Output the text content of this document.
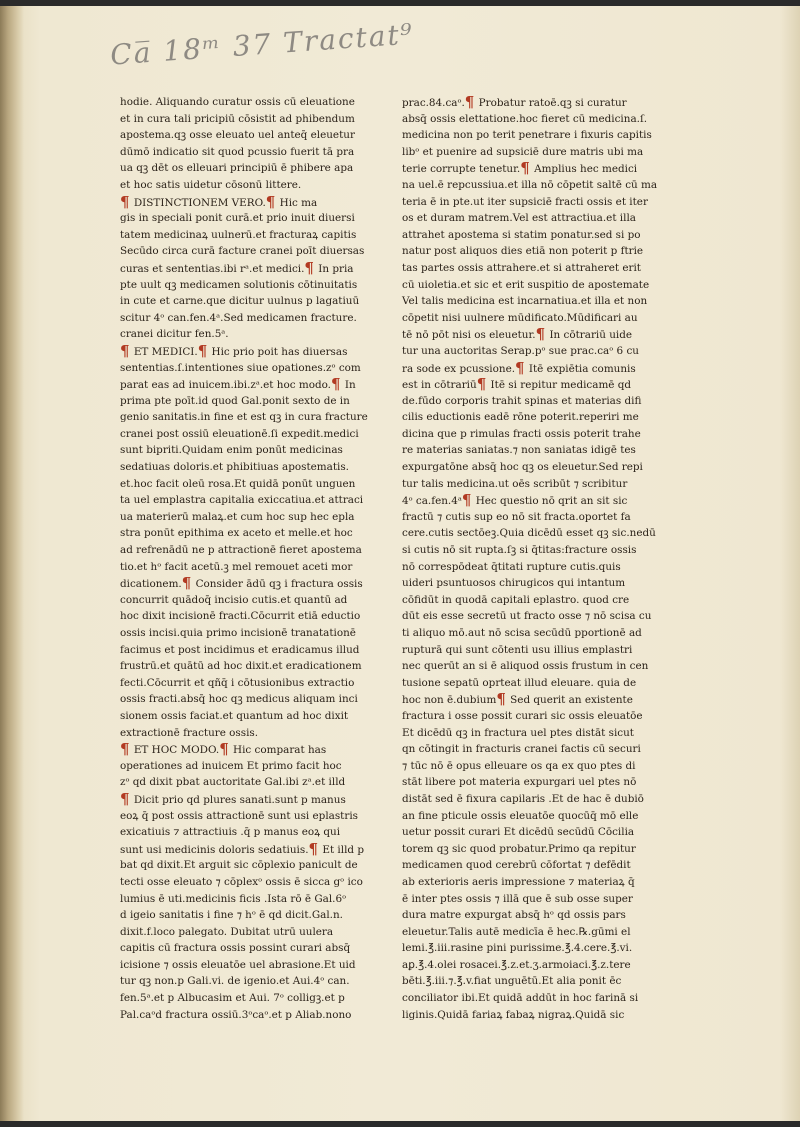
Ca̅ 18ᵐ 37 Tractat⁹
hodie. Aliquando curatur ossis cū eleuatione
et in cura tali pricipiū cōsistit ad phibendum
apostema.qꝫ osse eleuato uel anteq̄ eleuetur
dūmō indicatio sit quod pcussio fuerit tā pra
ua qꝫ dēt os elleuari principiū ē phibere apa
et hoc satis uidetur cōsonū littere.
¶ DISTINCTIONEM VERO.¶ Hic ma
gis in speciali ponit curā.et prio inuit diuersi
tatem medicinaꝝ uulnerū.et fracturaꝝ capitis
Secūdo circa curā facture cranei poīt diuersas
curas et sententias.ibi rᵃ.et medici.¶ In pria
pte uult qꝫ medicamen solutionis cōtinuitatis
in cute et carne.que dicitur uulnus p lagatiuū
scitur 4ᵒ can.fen.4ᵃ.Sed medicamen fracture.
cranei dicitur fen.5ᵃ.
¶ ET MEDICI.¶ Hic prio poit has diuersas
sententias.ſ.intentiones siue opationes.zᵒ com
parat eas ad inuicem.ibi.zᵃ.et hoc modo.¶ In
prima pte poīt.id quod Gal.ponit sexto de in
genio sanitatis.in fine et est qꝫ in cura fracture
cranei post ossiū eleuationē.ſi expedit.medici
sunt bipriti.Quidam enim ponūt medicinas
sedatiuas doloris.et phibitiuas apostematis.
et.hoc facit oleū rosa.Et quidā ponūt unguen
ta uel emplastra capitalia exiccatiua.et attraci
ua materierū malaꝝ.et cum hoc sup hec epla
stra ponūt epithima ex aceto et melle.et hoc
ad refrenādū ne p attractionē fieret apostema
tio.et hᵒ facit acetū.ꝫ mel remouet aceti mor
dicationem.¶ Consider ādū qꝫ i fractura ossis
concurrit quādoq̄ incisio cutis.et quantū ad
hoc dixit incisionē fracti.Cōcurrit etiā eductio
ossis incisi.quia primo incisionē tranatationē
facimus et post incidimus et eradicamus illud
frustrū.et quātū ad hoc dixit.et eradicationem
fecti.Cōcurrit et qñq̄ i cōtusionibus extractio
ossis fracti.absq̄ hoc qꝫ medicus aliquam inci
sionem ossis faciat.et quantum ad hoc dixit
extractionē fracture ossis.
¶ ET HOC MODO.¶ Hic comparat has
operationes ad inuicem Et primo facit hoc
zᵒ qd dixit pbat auctoritate Gal.ibi zᵃ.et illd
¶ Dicit prio qd plures sanati.sunt p manus
eoꝝ q̄ post ossis attractionē sunt usi eplastris
exicatiuis ⁊ attractiuis .q̄ p manus eoꝝ qui
sunt usi medicinis doloris sedatiuis.¶ Et illd p
bat qd dixit.Et arguit sic cōplexio panicult de
tecti osse eleuato ⁊ cōplexᵒ ossis ē sicca gᵒ ico
lumius ē uti.medicinis ficis .Ista rō ē Gal.6ᵒ
d igeio sanitatis i fine ⁊ hᵒ ē qd dicit.Gal.n.
dixit.f.loco palegato. Dubitat utrū uulera
capitis cū fractura ossis possint curari absq̄
icisione ⁊ ossis eleuatōe uel abrasione.Et uid
tur qꝫ non.p Gali.vi. de igenio.et Aui.4ᵒ can.
fen.5ᵃ.et p Albucasim et Aui. 7ᵒ colligꝫ.et p
Pal.caᵒd fractura ossiū.3ᵒcaᵒ.et p Aliab.nono
prac.84.caᵒ.¶ Probatur ratoē.qꝫ si curatur
absq̄ ossis elettatione.hoc fieret cū medicina.ſ.
medicina non po terit penetrare i fixuris capitis
libᵒ et puenire ad supsiciē dure matris ubi ma
terie corrupte tenetur.¶ Amplius hec medici
na uel.ē repcussiua.et illa nō cōpetit saltē cū ma
teria ē in pte.ut iter supsiciē fracti ossis et iter
os et duram matrem.Vel est attractiua.et illa
attrahet apostema si statim ponatur.sed si po
natur post aliquos dies etiā non poterit p ftrie
tas partes ossis attrahere.et si attraheret erit
cū uioletia.et sic et erit suspitio de apostemate
Vel talis medicina est incarnatiua.et illa et non
cōpetit nisi uulnere mūdificato.Mūdificari au
tē nō pōt nisi os eleuetur.¶ In cōtrariū uide
tur una auctoritas Serap.pᵒ sue prac.caᵒ 6 cu
ra sode ex pcussione.¶ Itē expiētia comunis
est in cōtrariū¶ Itē si repitur medicamē qd
de.fūdo corporis trahit spinas et materias difi
cilis eductionis eadē rōne poterit.reperiri me
dicina que p rimulas fracti ossis poterit trahe
re materias saniatas.⁊ non saniatas idigē tes
expurgatōne absq̄ hoc qꝫ os eleuetur.Sed repi
tur talis medicina.ut oēs scribūt ⁊ scribitur
4ᵒ ca.fen.4ᵃ¶ Hec questio nō qrit an sit sic
fractū ⁊ cutis sup eo nō sit fracta.oportet fa
cere.cutis sectōeꝫ.Quia dicēdū esset qꝫ sic.nedū
si cutis nō sit rupta.ſꝫ si q̄titas:fracture ossis
nō correspōdeat q̄titati rupture cutis.quis
uideri psuntuosos chirugicos qui intantum
cōfidūt in quodā capitali eplastro. quod cre
dūt eis esse secretū ut fracto osse ⁊ nō scisa cu
ti aliquo mō.aut nō scisa secūdū pportionē ad
rupturā qui sunt cōtenti usu illius emplastri
nec querūt an si ē aliquod ossis frustum in cen
tusione sepatū oprteat illud eleuare. quia de
hoc non ē.dubium¶ Sed querit an existente
fractura i osse possit curari sic ossis eleuatōe
Et dicēdū qꝫ in fractura uel ptes distāt sicut
qn cōtingit in fracturis cranei factis cū securi
⁊ tūc nō ē opus elleuare os qa ex quo ptes di
stāt libere pot materia expurgari uel ptes nō
distāt sed ē fixura capilaris .Et de hac ē dubiō
an fine pticule ossis eleuatōe quocūq̄ mō elle
uetur possit curari Et dicēdū secūdū Cōcilia
torem qꝫ sic quod probatur.Primo qa repitur
medicamen quod cerebrū cōfortat ⁊ defēdit
ab exterioris aeris impressione ⁊ materiaꝝ q̄
ē inter ptes ossis ⁊ illā que ē sub osse super
dura matre expurgat absq̄ hᵒ qd ossis pars
eleuetur.Talis autē medicīa ē hec.℞.gūmi el
lemi.℥.iii.rasine pini purissime.℥.4.cere.℥.vi.
aꝑ.℥.4.olei rosacei.℥.z.et.ʒ.armoiaci.℥.z.tere
bēti.℥.iii.⁊.℥.v.fiat unguētū.Et alia ponit ēc
conciliator ibi.Et quidā addūt in hoc farinā si
liginis.Quidā fariaꝝ fabaꝝ nigraꝝ.Quidā sic
